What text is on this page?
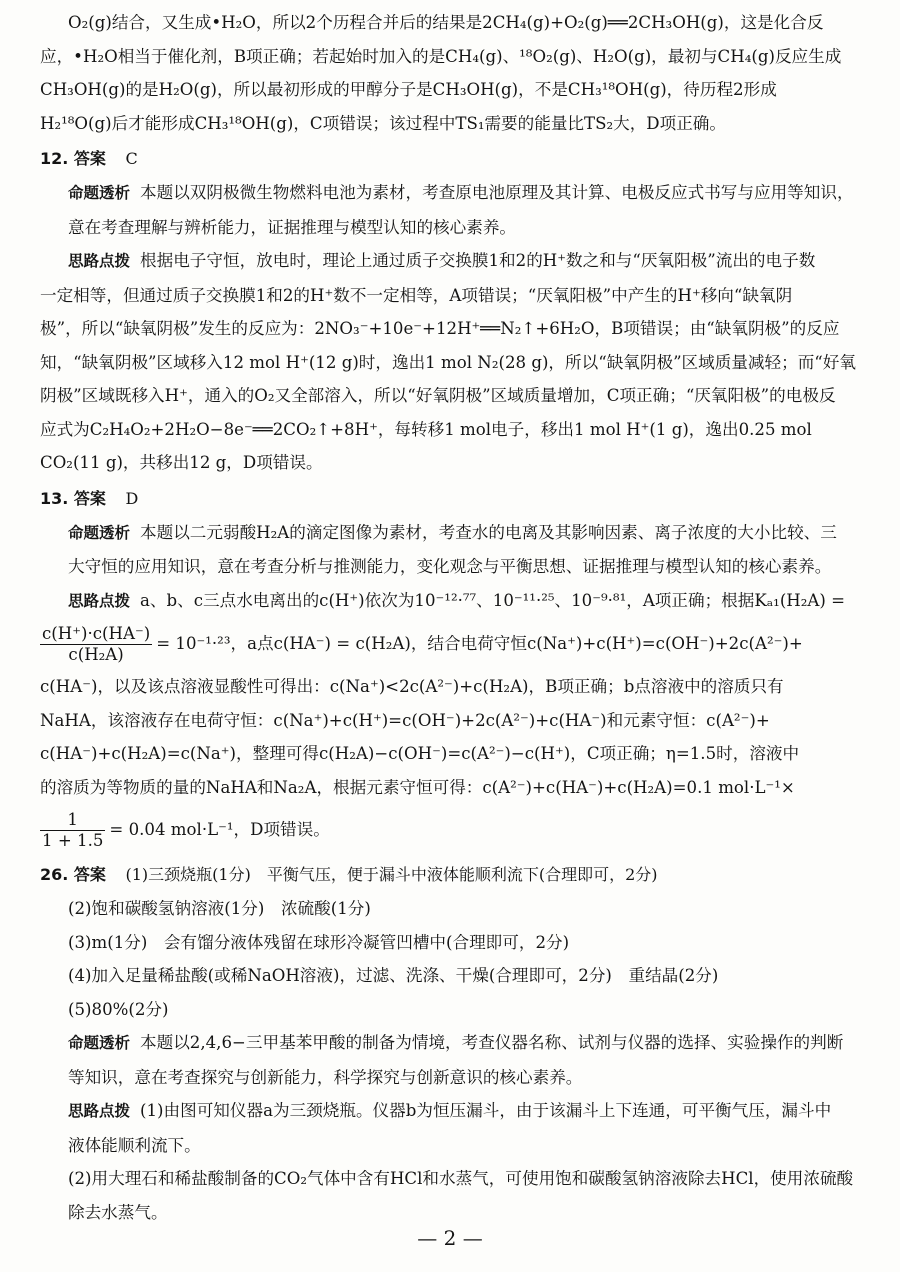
O₂(g)结合，又生成•H₂O，所以2个历程合并后的结果是2CH₄(g)+O₂(g)══2CH₃OH(g)，这是化合反

应，•H₂O相当于催化剂，B项正确；若起始时加入的是CH₄(g)、¹⁸O₂(g)、H₂O(g)，最初与CH₄(g)反应生成

CH₃OH(g)的是H₂O(g)，所以最初形成的甲醇分子是CH₃OH(g)，不是CH₃¹⁸OH(g)，待历程2形成

H₂¹⁸O(g)后才能形成CH₃¹⁸OH(g)，C项错误；该过程中TS₁需要的能量比TS₂大，D项正确。

12. 答案 C

命题透析 本题以双阴极微生物燃料电池为素材，考查原电池原理及其计算、电极反应式书写与应用等知识，

意在考查理解与辨析能力，证据推理与模型认知的核心素养。

思路点拨 根据电子守恒，放电时，理论上通过质子交换膜1和2的H⁺数之和与“厌氧阳极”流出的电子数

一定相等，但通过质子交换膜1和2的H⁺数不一定相等，A项错误；“厌氧阳极”中产生的H⁺移向“缺氧阴

极”，所以“缺氧阴极”发生的反应为：2NO₃⁻+10e⁻+12H⁺══N₂↑+6H₂O，B项错误；由“缺氧阴极”的反应

知，“缺氧阴极”区域移入12 mol H⁺(12 g)时，逸出1 mol N₂(28 g)，所以“缺氧阴极”区域质量减轻；而“好氧

阴极”区域既移入H⁺，通入的O₂又全部溶入，所以“好氧阴极”区域质量增加，C项正确；“厌氧阳极”的电极反

应式为C₂H₄O₂+2H₂O−8e⁻══2CO₂↑+8H⁺，每转移1 mol电子，移出1 mol H⁺(1 g)，逸出0.25 mol

CO₂(11 g)，共移出12 g，D项错误。

13. 答案 D

命题透析 本题以二元弱酸H₂A的滴定图像为素材，考查水的电离及其影响因素、离子浓度的大小比较、三

大守恒的应用知识，意在考查分析与推测能力，变化观念与平衡思想、证据推理与模型认知的核心素养。

思路点拨 a、b、c三点水电离出的c(H⁺)依次为10⁻¹²·⁷⁷、10⁻¹¹·²⁵、10⁻⁹·⁸¹，A项正确；根据Kₐ₁(H₂A) =

$\frac{c(H^+)\cdot c(HA^-)}{\text{c(H₂A)}} = 10^{-1}\cdot^{23}$，a点c(HA⁻) = c(H₂A)，结合电荷守恒c(Na⁺)+c(H⁺)=c(OH⁻)+2c(A²⁻)+

c(HA⁻)，以及该点溶液显酸性可得出：c(Na⁺)<2c(A²⁻)+c(H₂A)，B项正确；b点溶液中的溶质只有

NaHA，该溶液存在电荷守恒：c(Na⁺)+c(H⁺)=c(OH⁻)+2c(A²⁻)+c(HA⁻)和元素守恒：c(A²⁻)+

c(HA⁻)+c(H₂A)=c(Na⁺)，整理可得c(H₂A)−c(OH⁻)=c(A²⁻)−c(H⁺)，C项正确；η=1.5时，溶液中

的溶质为等物质的量的NaHA和Na₂A，根据元素守恒可得：c(A²⁻)+c(HA⁻)+c(H₂A)=0.1 mol·L⁻¹×

$\frac{1}{1 + 1.5} = 0.04$ mol·L⁻¹，D项错误。

26. 答案 (1)三颈烧瓶(1分)　平衡气压，便于漏斗中液体能顺利流下(合理即可，2分)

(2)饱和碳酸氢钠溶液(1分)　浓硫酸(1分)

(3)m(1分)　会有馏分液体残留在球形冷凝管凹槽中(合理即可，2分)

(4)加入足量稀盐酸(或稀NaOH溶液)，过滤、洗涤、干燥(合理即可，2分)　重结晶(2分)

(5)80%(2分)

命题透析 本题以2,4,6−三甲基苯甲酸的制备为情境，考查仪器名称、试剂与仪器的选择、实验操作的判断

等知识，意在考查探究与创新能力，科学探究与创新意识的核心素养。

思路点拨 (1)由图可知仪器a为三颈烧瓶。仪器b为恒压漏斗，由于该漏斗上下连通，可平衡气压，漏斗中

液体能顺利流下。

(2)用大理石和稀盐酸制备的CO₂气体中含有HCl和水蒸气，可使用饱和碳酸氢钠溶液除去HCl，使用浓硫酸

除去水蒸气。

— 2 —
